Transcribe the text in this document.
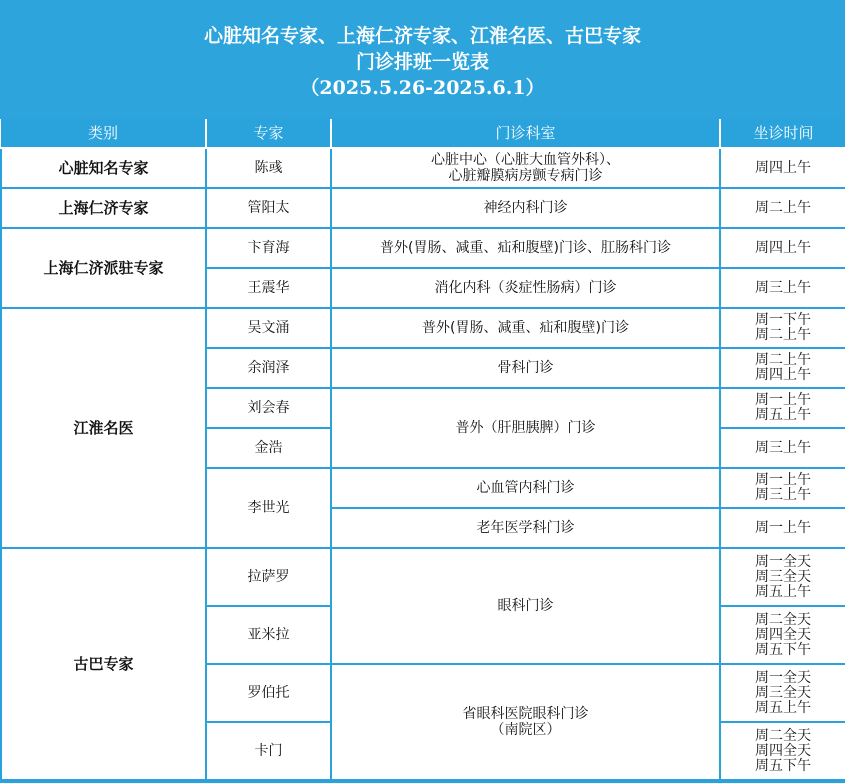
心脏知名专家、上海仁济专家、江淮名医、古巴专家
门诊排班一览表
（2025.5.26-2025.6.1）
类别	专家	门诊科室	坐诊时间
心脏知名专家	陈彧	心脏中心（心脏大血管外科）、
心脏瓣膜病房颤专病门诊	周四上午

上海仁济专家	管阳太	神经内科门诊	周二上午
上海仁济派驻专家	卞育海	普外(胃肠、减重、疝和腹壁)门诊、肛肠科门诊	周四上午
	王震华	消化内科（炎症性肠病）门诊	周三上午
江淮名医	吴文涌	普外(胃肠、减重、疝和腹壁)门诊	周一下午
周二上午

	余润泽	骨科门诊	周二上午
周四上午

	刘会春	普外（肝胆胰脾）门诊	周一上午
周五上午

	金浩		周三上午
	李世光	心血管内科门诊	周一上午
周三上午

		老年医学科门诊	周一上午
古巴专家	拉萨罗	眼科门诊	周一全天
周三全天
周五上午

	亚米拉		周二全天
周四全天
周五下午

	罗伯托	省眼科医院眼科门诊
（南院区）	周一全天
周三全天
周五上午

	卡门		周二全天
周四全天
周五下午
